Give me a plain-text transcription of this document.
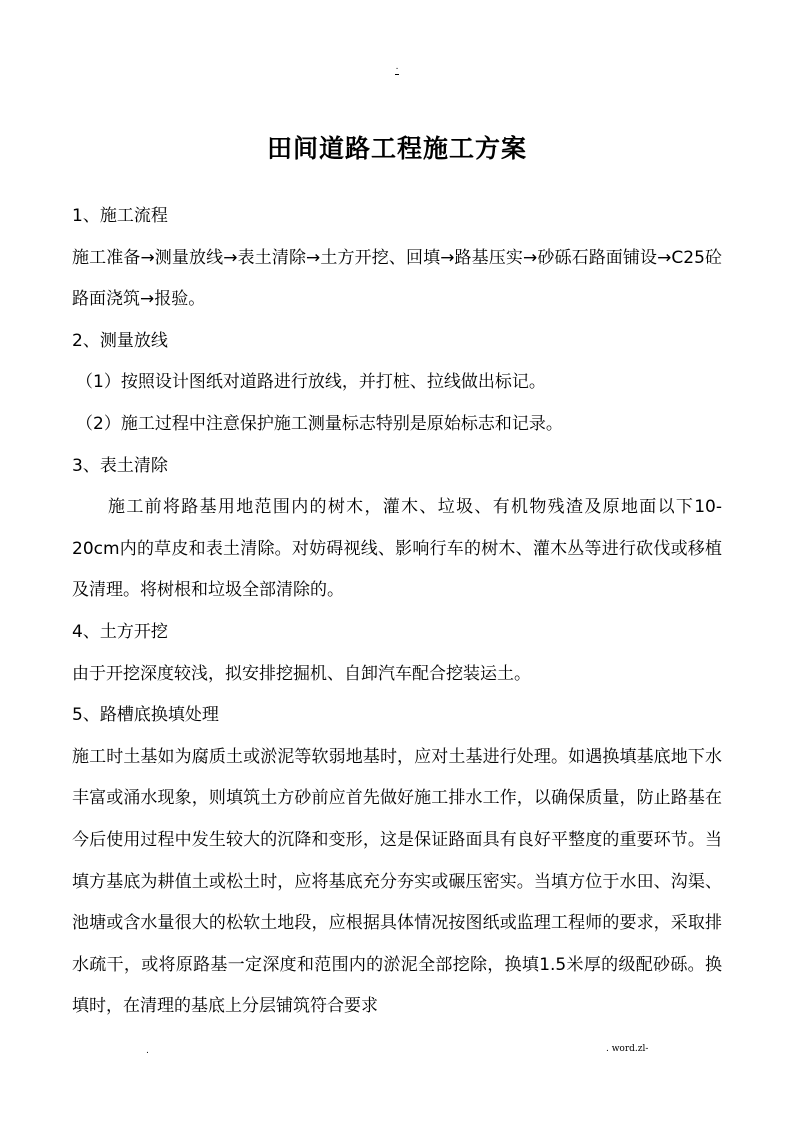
.
田间道路工程施工方案

1、施工流程

施工准备→测量放线→表土清除→土方开挖、回填→路基压实→砂砾石路面铺设→C25砼路面浇筑→报验。

2、测量放线

（1）按照设计图纸对道路进行放线，并打桩、拉线做出标记。

（2）施工过程中注意保护施工测量标志特别是原始标志和记录。

3、表土清除

施工前将路基用地范围内的树木，灌木、垃圾、有机物残渣及原地面以下10-20cm内的草皮和表土清除。对妨碍视线、影响行车的树木、灌木丛等进行砍伐或移植及清理。将树根和垃圾全部清除的。

4、土方开挖

由于开挖深度较浅，拟安排挖掘机、自卸汽车配合挖装运土。

5、路槽底换填处理

施工时土基如为腐质土或淤泥等软弱地基时，应对土基进行处理。如遇换填基底地下水丰富或涌水现象，则填筑土方砂前应首先做好施工排水工作，以确保质量，防止路基在今后使用过程中发生较大的沉降和变形，这是保证路面具有良好平整度的重要环节。当填方基底为耕值土或松土时，应将基底充分夯实或碾压密实。当填方位于水田、沟渠、池塘或含水量很大的松软土地段，应根据具体情况按图纸或监理工程师的要求，采取排水疏干，或将原路基一定深度和范围内的淤泥全部挖除，换填1.5米厚的级配砂砾。换填时，在清理的基底上分层铺筑符合要求

.	. word.zl-
